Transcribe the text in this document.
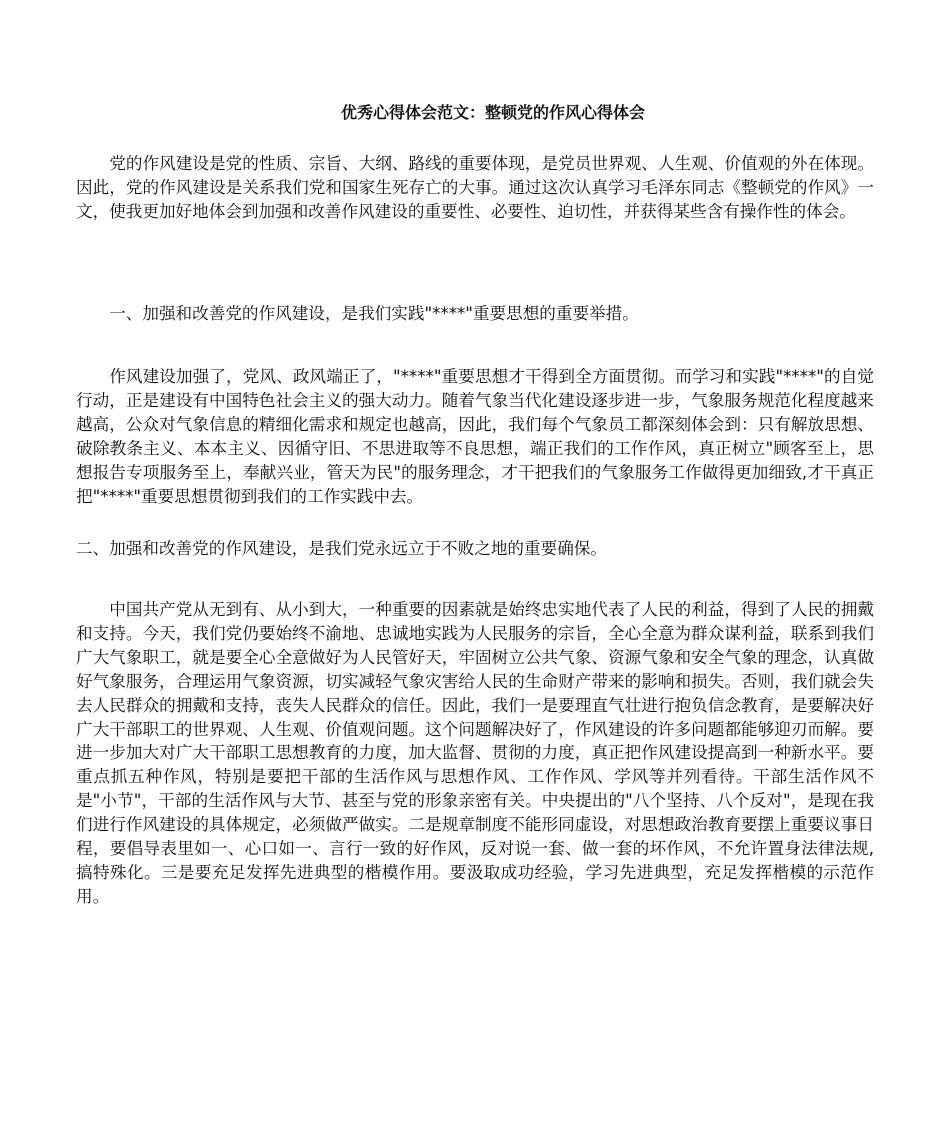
优秀心得体会范文：整顿党的作风心得体会

党的作风建设是党的性质、宗旨、大纲、路线的重要体现，是党员世界观、人生观、价值观的外在体现。因此，党的作风建设是关系我们党和国家生死存亡的大事。通过这次认真学习毛泽东同志《整顿党的作风》一文，使我更加好地体会到加强和改善作风建设的重要性、必要性、迫切性，并获得某些含有操作性的体会。

一、加强和改善党的作风建设，是我们实践"****"重要思想的重要举措。

作风建设加强了，党风、政风端正了，"****"重要思想才干得到全方面贯彻。而学习和实践"****"的自觉行动，正是建设有中国特色社会主义的强大动力。随着气象当代化建设逐步进一步，气象服务规范化程度越来越高，公众对气象信息的精细化需求和规定也越高，因此，我们每个气象员工都深刻体会到：只有解放思想、破除教条主义、本本主义、因循守旧、不思进取等不良思想，端正我们的工作作风，真正树立"顾客至上，思想报告专项服务至上，奉献兴业，管天为民"的服务理念，才干把我们的气象服务工作做得更加细致,才干真正把"****"重要思想贯彻到我们的工作实践中去。

二、加强和改善党的作风建设，是我们党永远立于不败之地的重要确保。

中国共产党从无到有、从小到大，一种重要的因素就是始终忠实地代表了人民的利益，得到了人民的拥戴和支持。今天，我们党仍要始终不渝地、忠诚地实践为人民服务的宗旨，全心全意为群众谋利益，联系到我们广大气象职工，就是要全心全意做好为人民管好天，牢固树立公共气象、资源气象和安全气象的理念，认真做好气象服务，合理运用气象资源，切实减轻气象灾害给人民的生命财产带来的影响和损失。否则，我们就会失去人民群众的拥戴和支持，丧失人民群众的信任。因此，我们一是要理直气壮进行抱负信念教育，是要解决好广大干部职工的世界观、人生观、价值观问题。这个问题解决好了，作风建设的许多问题都能够迎刃而解。要进一步加大对广大干部职工思想教育的力度，加大监督、贯彻的力度，真正把作风建设提高到一种新水平。要重点抓五种作风，特别是要把干部的生活作风与思想作风、工作作风、学风等并列看待。干部生活作风不是"小节"，干部的生活作风与大节、甚至与党的形象亲密有关。中央提出的"八个坚持、八个反对"，是现在我们进行作风建设的具体规定，必须做严做实。二是规章制度不能形同虚设，对思想政治教育要摆上重要议事日程，要倡导表里如一、心口如一、言行一致的好作风，反对说一套、做一套的坏作风，不允许置身法律法规,搞特殊化。三是要充足发挥先进典型的楷模作用。要汲取成功经验，学习先进典型，充足发挥楷模的示范作用。
